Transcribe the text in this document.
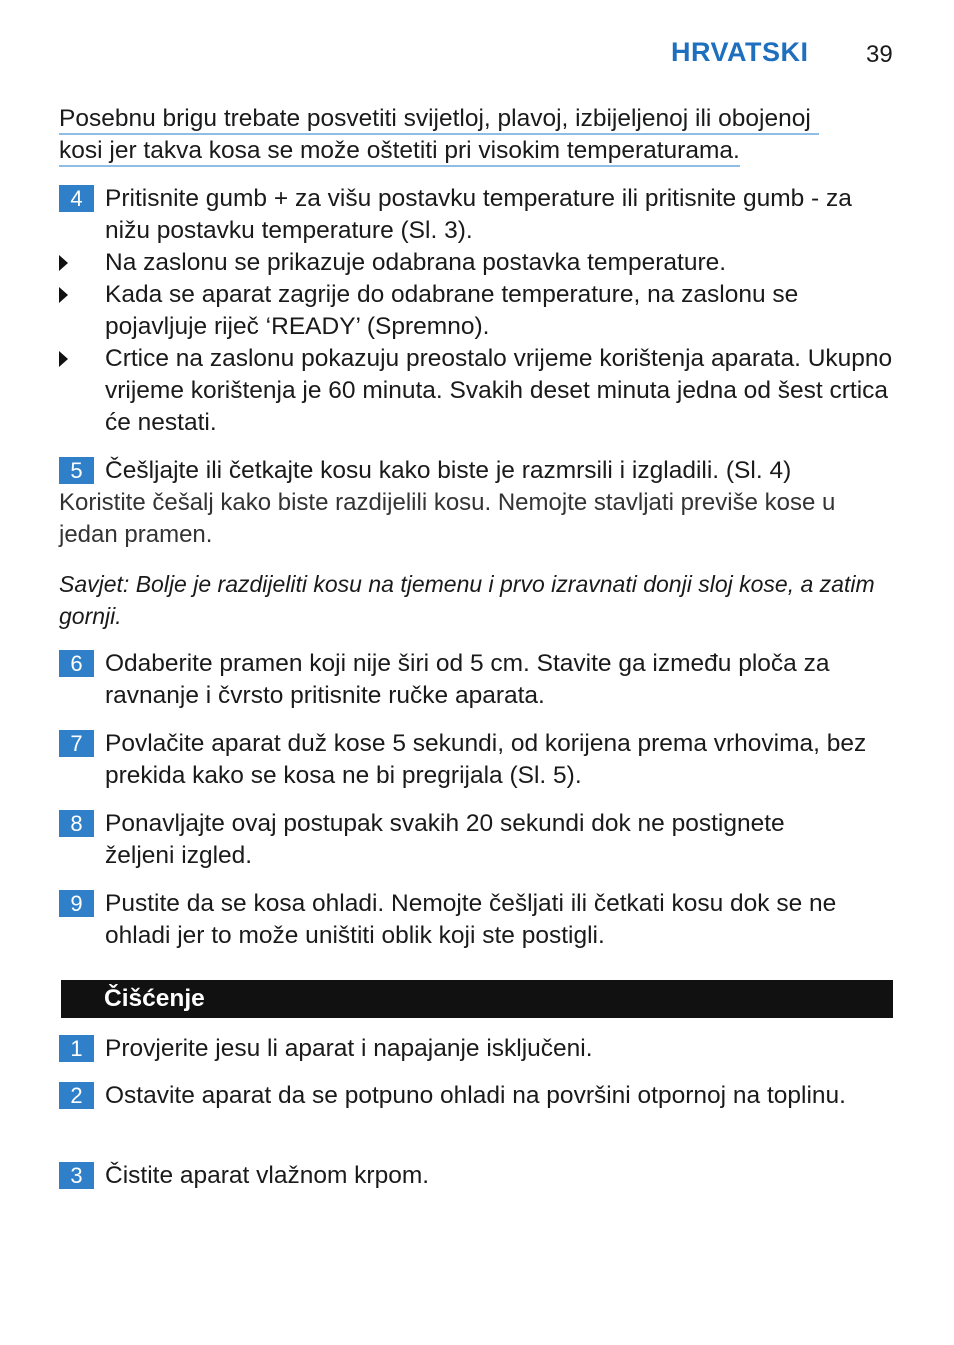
HRVATSKI 39
Posebnu brigu trebate posvetiti svijetloj, plavoj, izbijeljenoj ili obojenoj
kosi jer takva kosa se može oštetiti pri visokim temperaturama.
4 Pritisnite gumb + za višu postavku temperature ili pritisnite gumb - za nižu postavku temperature (Sl. 3).
Na zaslonu se prikazuje odabrana postavka temperature.
Kada se aparat zagrije do odabrane temperature, na zaslonu se pojavljuje riječ ‘READY’ (Spremno).
Crtice na zaslonu pokazuju preostalo vrijeme korištenja aparata. Ukupno vrijeme korištenja je 60 minuta. Svakih deset minuta jedna od šest crtica će nestati.
5 Češljajte ili četkajte kosu kako biste je razmrsili i izgladili. (Sl. 4)
Koristite češalj kako biste razdijelili kosu. Nemojte stavljati previše kose u jedan pramen.
Savjet: Bolje je razdijeliti kosu na tjemenu i prvo izravnati donji sloj kose, a zatim gornji.
6 Odaberite pramen koji nije širi od 5 cm. Stavite ga između ploča za ravnanje i čvrsto pritisnite ručke aparata.
7 Povlačite aparat duž kose 5 sekundi, od korijena prema vrhovima, bez prekida kako se kosa ne bi pregrijala (Sl. 5).
8 Ponavljajte ovaj postupak svakih 20 sekundi dok ne postignete željeni izgled.
9 Pustite da se kosa ohladi. Nemojte češljati ili četkati kosu dok se ne ohladi jer to može uništiti oblik koji ste postigli.
Čišćenje
1 Provjerite jesu li aparat i napajanje isključeni.
2 Ostavite aparat da se potpuno ohladi na površini otpornoj na toplinu.
3 Čistite aparat vlažnom krpom.
